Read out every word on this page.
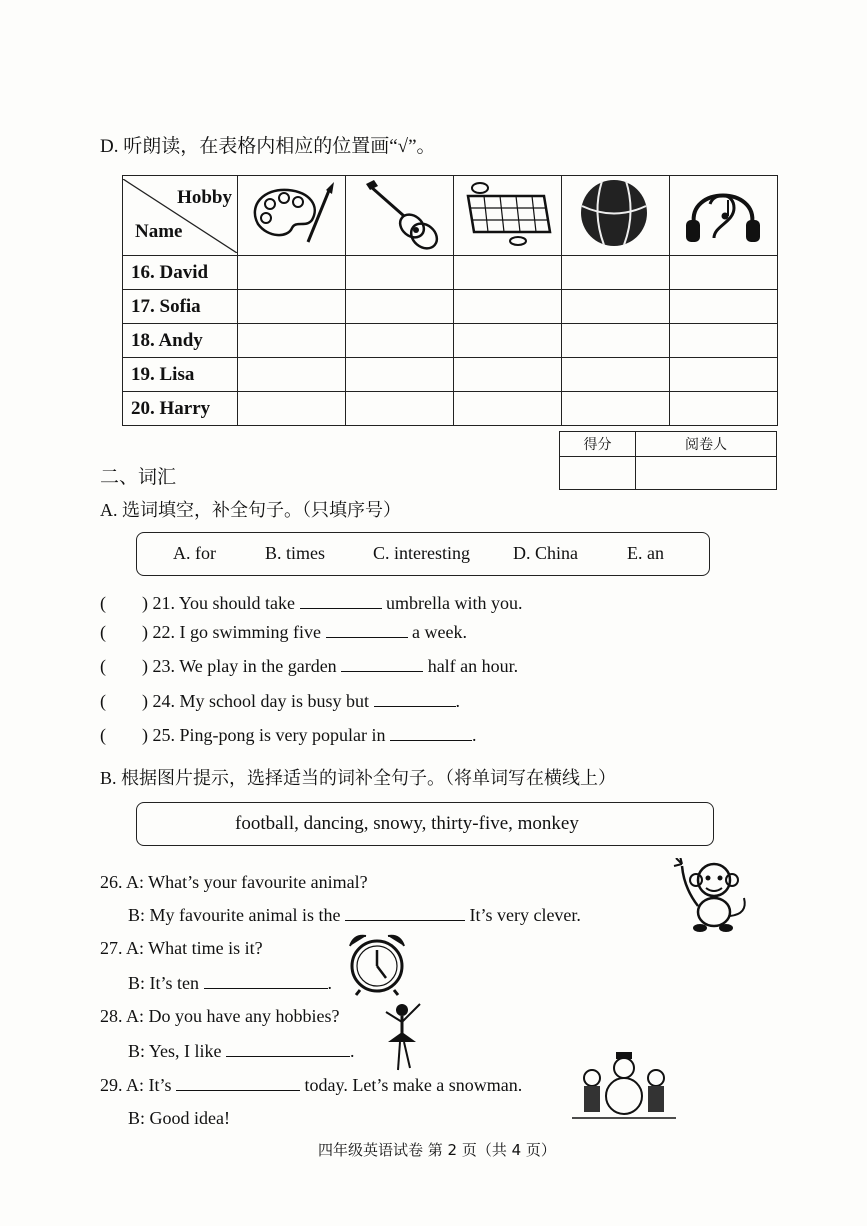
D. 听朗读，在表格内相应的位置画“√”。
Hobby
Name

16. David					
17. Sofia					
18. Andy					
19. Lisa					
20. Harry					
得分	阅卷人

二、词汇
A. 选词填空，补全句子。（只填序号）
A. for	B. times	C. interesting D. China	E. an
( ) 21. You should take	umbrella with you.
( ) 22. I go swimming five	a week.
( ) 23. We play in the garden	half an hour.
( ) 24. My school day is busy but	.
( ) 25. Ping-pong is very popular in	.
B. 根据图片提示，选择适当的词补全句子。（将单词写在横线上）
football, dancing, snowy, thirty-five, monkey
26. A: What’s your favourite animal?
B: My favourite animal is the	It’s very clever.
27. A: What time is it?
B: It’s ten	.
28. A: Do you have any hobbies?
B: Yes, I like	.
29. A: It’s	today. Let’s make a snowman.
B: Good idea!
四年级英语试卷 第 2 页（共 4 页）
